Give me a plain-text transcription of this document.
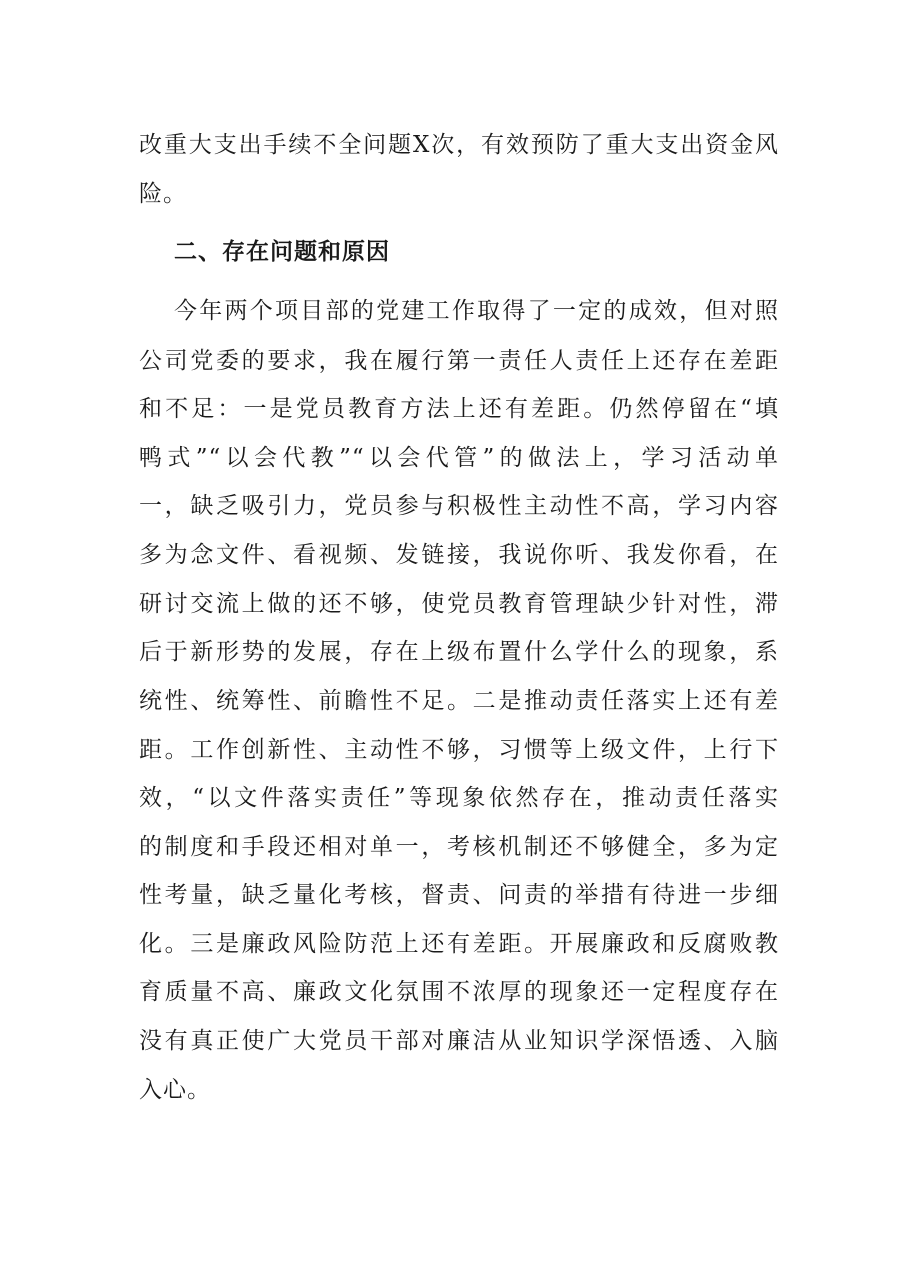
改重大支出手续不全问题X次，有效预防了重大支出资金风
险。
二、存在问题和原因
今年两个项目部的党建工作取得了一定的成效，但对照
公司党委的要求，我在履行第一责任人责任上还存在差距
和不足：一是党员教育方法上还有差距。仍然停留在“填
鸭式”“以会代教”“以会代管”的做法上，学习活动单
一，缺乏吸引力，党员参与积极性主动性不高，学习内容
多为念文件、看视频、发链接，我说你听、我发你看，在
研讨交流上做的还不够，使党员教育管理缺少针对性，滞
后于新形势的发展，存在上级布置什么学什么的现象，系
统性、统筹性、前瞻性不足。二是推动责任落实上还有差
距。工作创新性、主动性不够，习惯等上级文件，上行下
效，“以文件落实责任”等现象依然存在，推动责任落实
的制度和手段还相对单一，考核机制还不够健全，多为定
性考量，缺乏量化考核，督责、问责的举措有待进一步细
化。三是廉政风险防范上还有差距。开展廉政和反腐败教
育质量不高、廉政文化氛围不浓厚的现象还一定程度存在
没有真正使广大党员干部对廉洁从业知识学深悟透、入脑
入心。
